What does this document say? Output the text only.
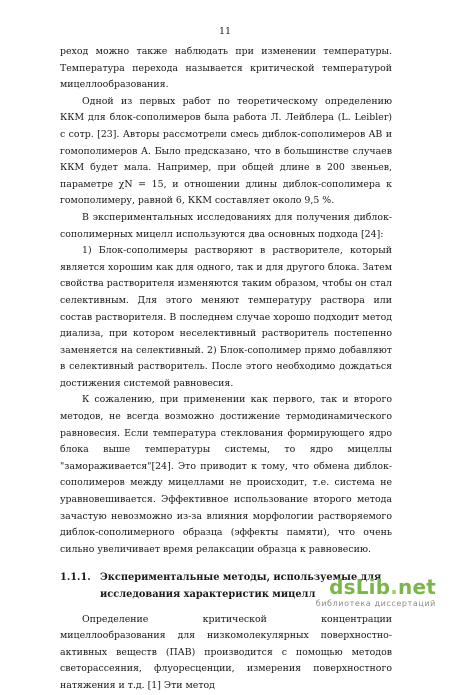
11

реход можно также наблюдать при изменении температуры. Температура перехода называется критической температурой мицеллообразования.

Одной из первых работ по теоретическому определению ККМ для блок-сополимеров была работа Л. Лейблера (L. Leibler) с сотр. [23]. Авторы рассмотрели смесь диблок-сополимеров AB и гомополимеров A. Было предсказано, что в большинстве случаев ККМ будет мала. Например, при общей длине в 200 звеньев, параметре χN = 15, и отношении длины диблок-сополимера к гомополимеру, равной 6, ККМ составляет около 9,5 %.

В экспериментальных исследованиях для получения диблок-сополимерных мицелл используются два основных подхода [24]:

1) Блок-сополимеры растворяют в растворителе, который является хорошим как для одного, так и для другого блока. Затем свойства растворителя изменяются таким образом, чтобы он стал селективным. Для этого меняют температуру раствора или состав растворителя. В последнем случае хорошо подходит метод диализа, при котором неселективный растворитель постепенно заменяется на селективный. 2) Блок-сополимер прямо добавляют в селективный растворитель. После этого необходимо дождаться достижения системой равновесия.

К сожалению, при применении как первого, так и второго методов, не всегда возможно достижение термодинамического равновесия. Если температура стеклования формирующего ядро блока выше температуры системы, то ядро мицеллы "замораживается"[24]. Это приводит к тому, что обмена диблок-сополимеров между мицеллами не происходит, т.е. система не уравновешивается. Эффективное использование второго метода зачастую невозможно из-за влияния морфологии растворяемого диблок-сополимерного образца (эффекты памяти), что очень сильно увеличивает время релаксации образца к равновесию.

1.1.1. Экспериментальные методы, используемые для исследования характеристик мицелл

Определение критической концентрации мицеллообразования для низкомолекулярных поверхностно-активных веществ (ПАВ) производится с помощью методов светорассеяния, флуоресценции, измерения поверхностного натяжения и т.д. [1] Эти метод

dsLib.net
библиотека диссертаций
